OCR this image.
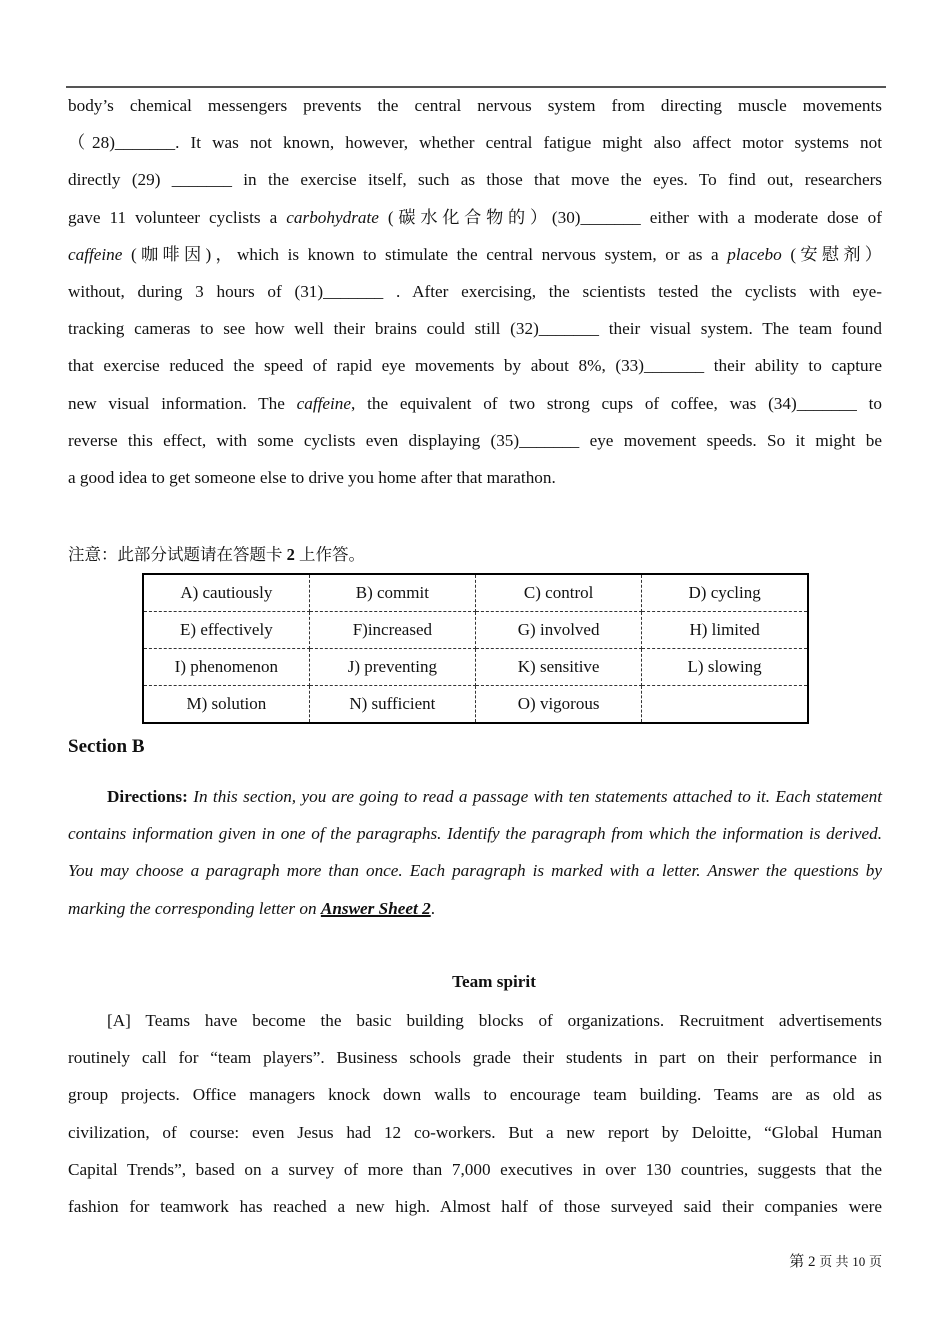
body’s chemical messengers prevents the central nervous system from directing muscle movements
（28)_______. It was not known, however, whether central fatigue might also affect motor systems not
directly (29) _______ in the exercise itself, such as those that move the eyes. To find out, researchers
gave 11 volunteer cyclists a carbohydrate (碳水化合物的）(30)_______ either with a moderate dose of
caffeine (咖啡因)，which is known to stimulate the central nervous system, or as a placebo (安慰剂）
without, during 3 hours of (31)_______ . After exercising, the scientists tested the cyclists with eye-
tracking cameras to see how well their brains could still (32)_______ their visual system. The team found
that exercise reduced the speed of rapid eye movements by about 8%, (33)_______ their ability to capture
new visual information. The caffeine, the equivalent of two strong cups of coffee, was (34)_______ to
reverse this effect, with some cyclists even displaying (35)_______ eye movement speeds. So it might be
a good idea to get someone else to drive you home after that marathon.
注意：此部分试题请在答题卡 2 上作答。
A) cautiously	B) commit	C) control	D) cycling
E) effectively	F)increased	G) involved	H) limited
I) phenomenon	J) preventing	K) sensitive	L) slowing
M) solution	N) sufficient	O) vigorous	
Section B
Directions: In this section, you are going to read a passage with ten statements attached to it. Each statement contains information given in one of the paragraphs. Identify the paragraph from which the information is derived. You may choose a paragraph more than once. Each paragraph is marked with a letter. Answer the questions by marking the corresponding letter on Answer Sheet 2.
Team spirit
[A] Teams have become the basic building blocks of organizations. Recruitment advertisements
routinely call for “team players”. Business schools grade their students in part on their performance in
group projects. Office managers knock down walls to encourage team building. Teams are as old as
civilization, of course: even Jesus had 12 co-workers. But a new report by Deloitte, “Global Human
Capital Trends”, based on a survey of more than 7,000 executives in over 130 countries, suggests that the
fashion for teamwork has reached a new high. Almost half of those surveyed said their companies were
第 2 页 共 10 页
